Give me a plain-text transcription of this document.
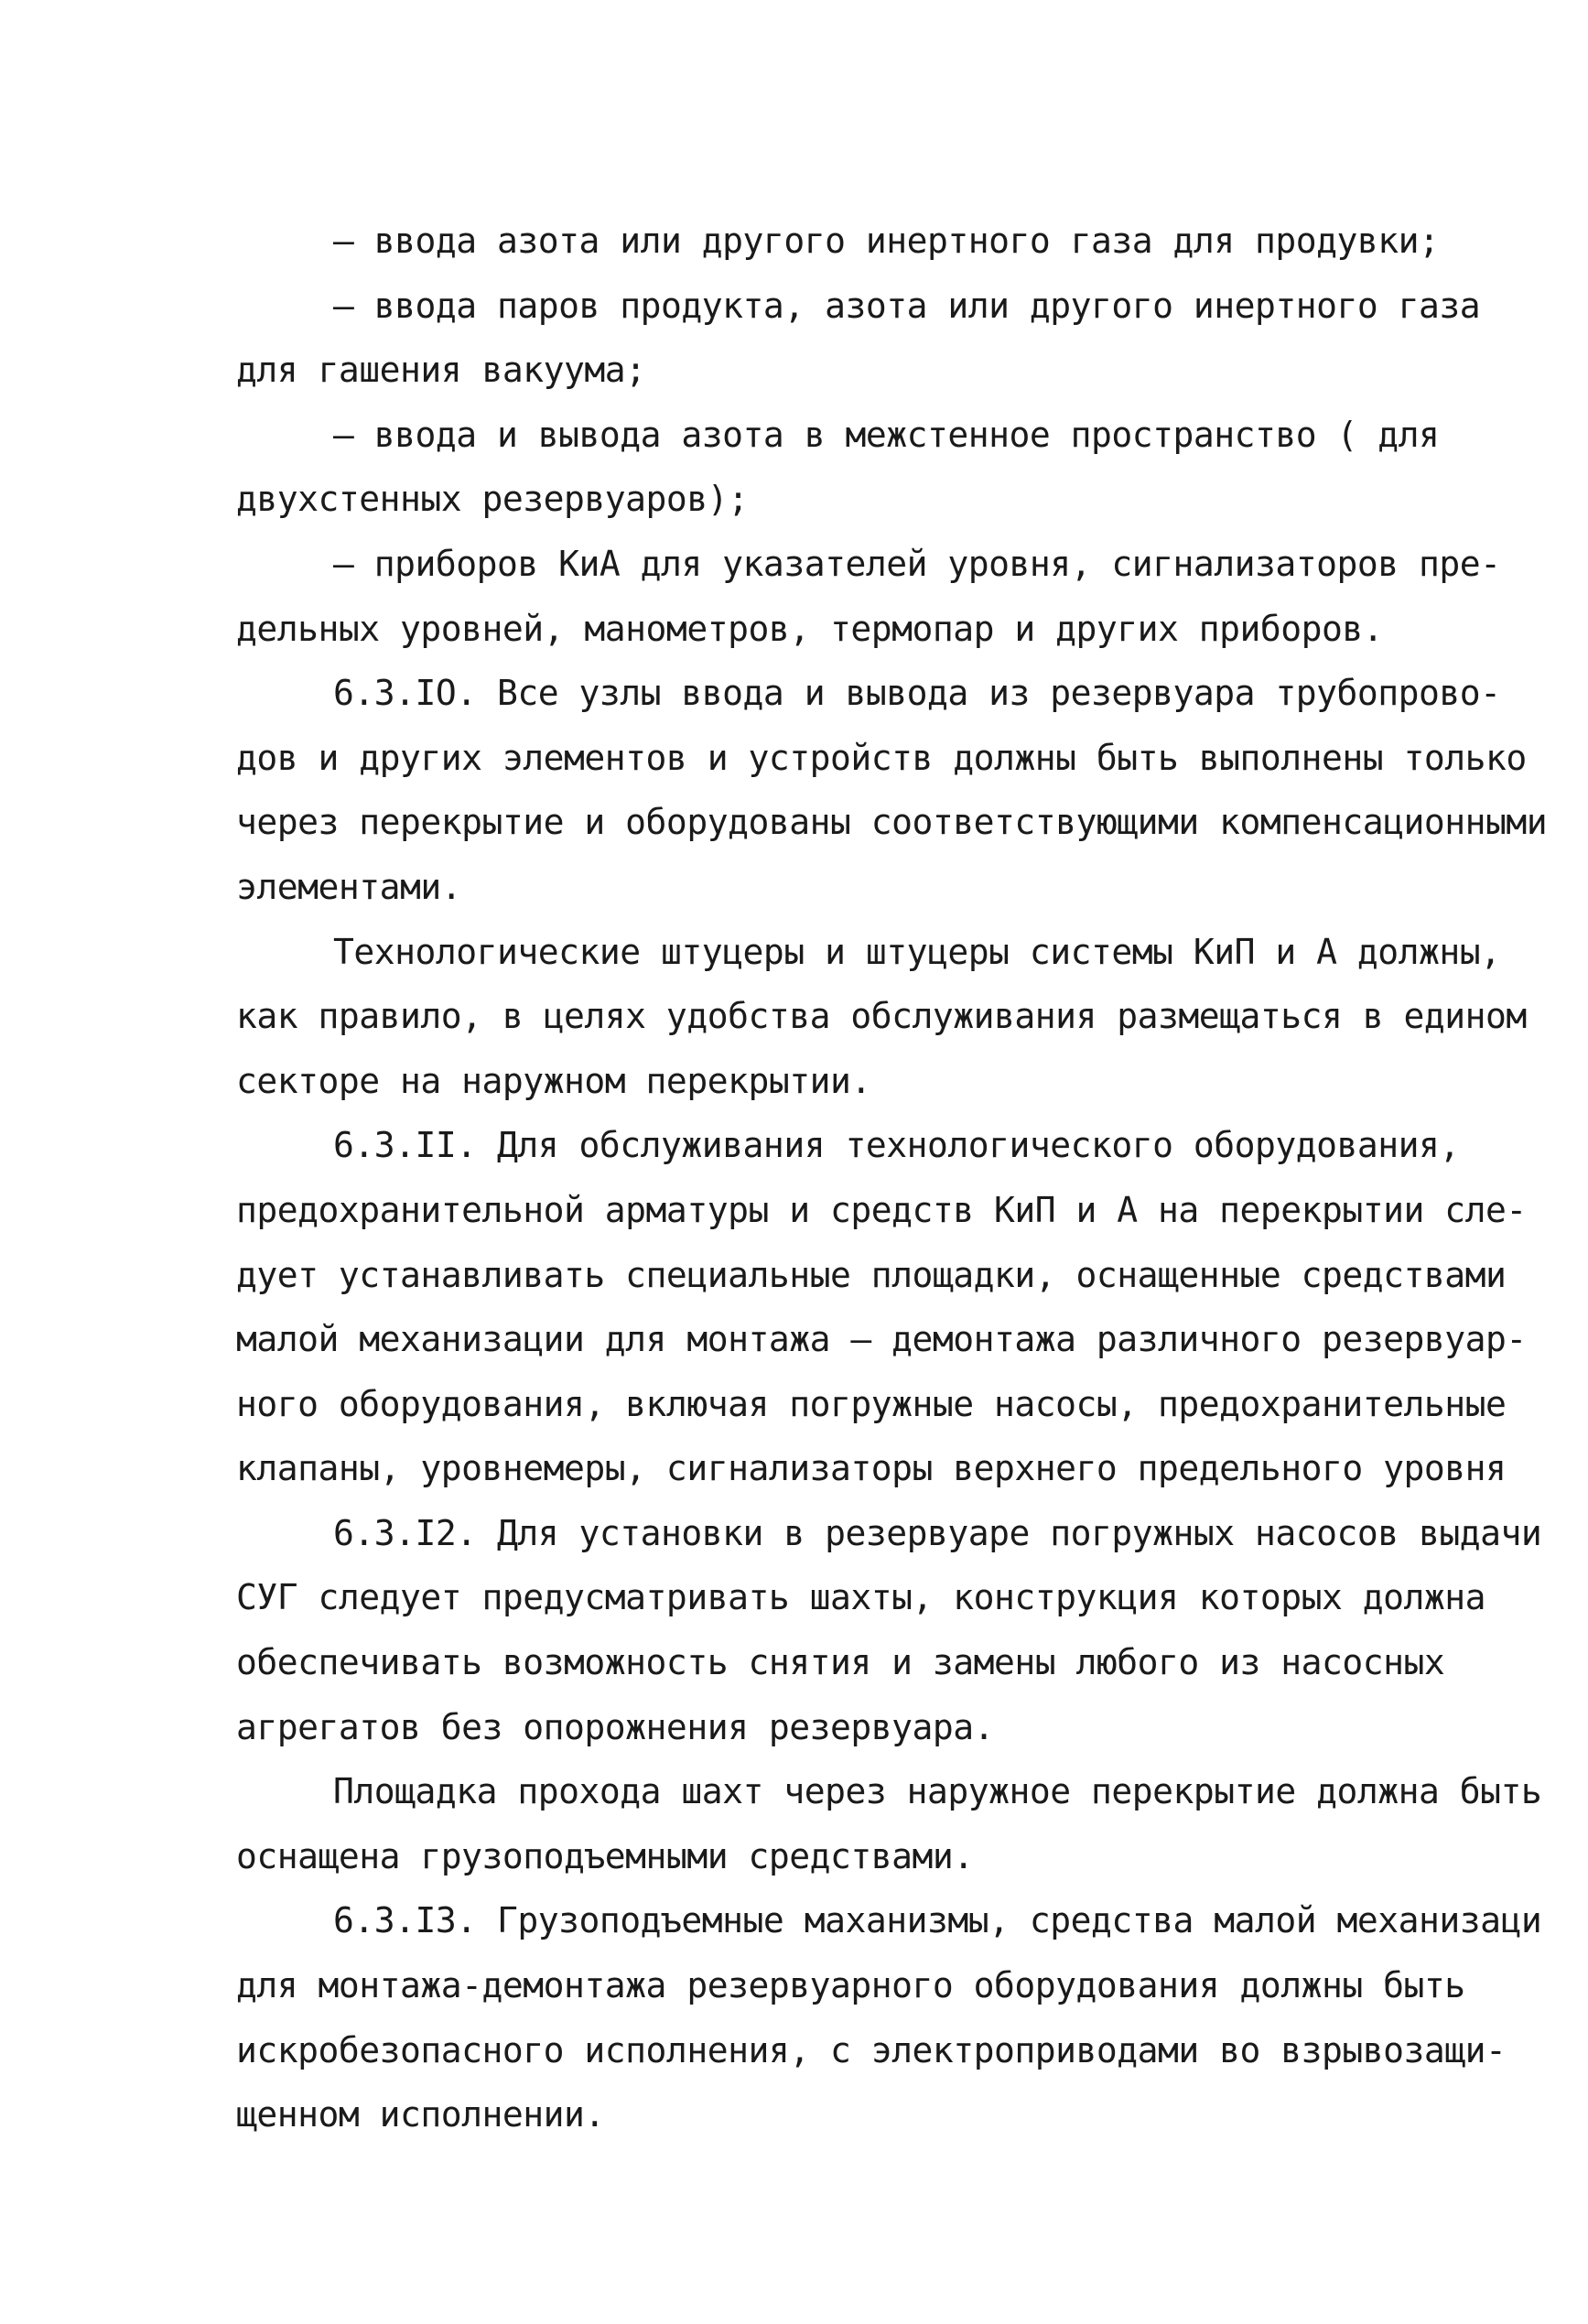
– ввода азота или другого инертного газа для продувки;
– ввода паров продукта, азота или другого инертного газа
для гашения вакуума;
– ввода и вывода азота в межстенное пространство ( для
двухстенных резервуаров);
– приборов КиА для указателей уровня, сигнализаторов пре-
дельных уровней, манометров, термопар и других приборов.
6.3.IO. Все узлы ввода и вывода из резервуара трубопрово-
дов и других элементов и устройств должны быть выполнены только
через перекрытие и оборудованы соответствующими компенсационными
элементами.
Технологические штуцеры и штуцеры системы КиП и А должны,
как правило, в целях удобства обслуживания размещаться в едином
секторе на наружном перекрытии.
6.3.II. Для обслуживания технологического оборудования,
предохранительной арматуры и средств КиП и А на перекрытии сле-
дует устанавливать специальные площадки, оснащенные средствами
малой механизации для монтажа – демонтажа различного резервуар-
ного оборудования, включая погружные насосы, предохранительные
клапаны, уровнемеры, сигнализаторы верхнего предельного уровня
6.3.I2. Для установки в резервуаре погружных насосов выдачи
СУГ следует предусматривать шахты, конструкция которых должна
обеспечивать возможность снятия и замены любого из насосных
агрегатов без опорожнения резервуара.
Площадка прохода шахт через наружное перекрытие должна быть
оснащена грузоподъемными средствами.
6.3.I3. Грузоподъемные маханизмы, средства малой механизаци
для монтажа-демонтажа резервуарного оборудования должны быть
искробезопасного исполнения, с электроприводами во взрывозащи-
щенном исполнении.
